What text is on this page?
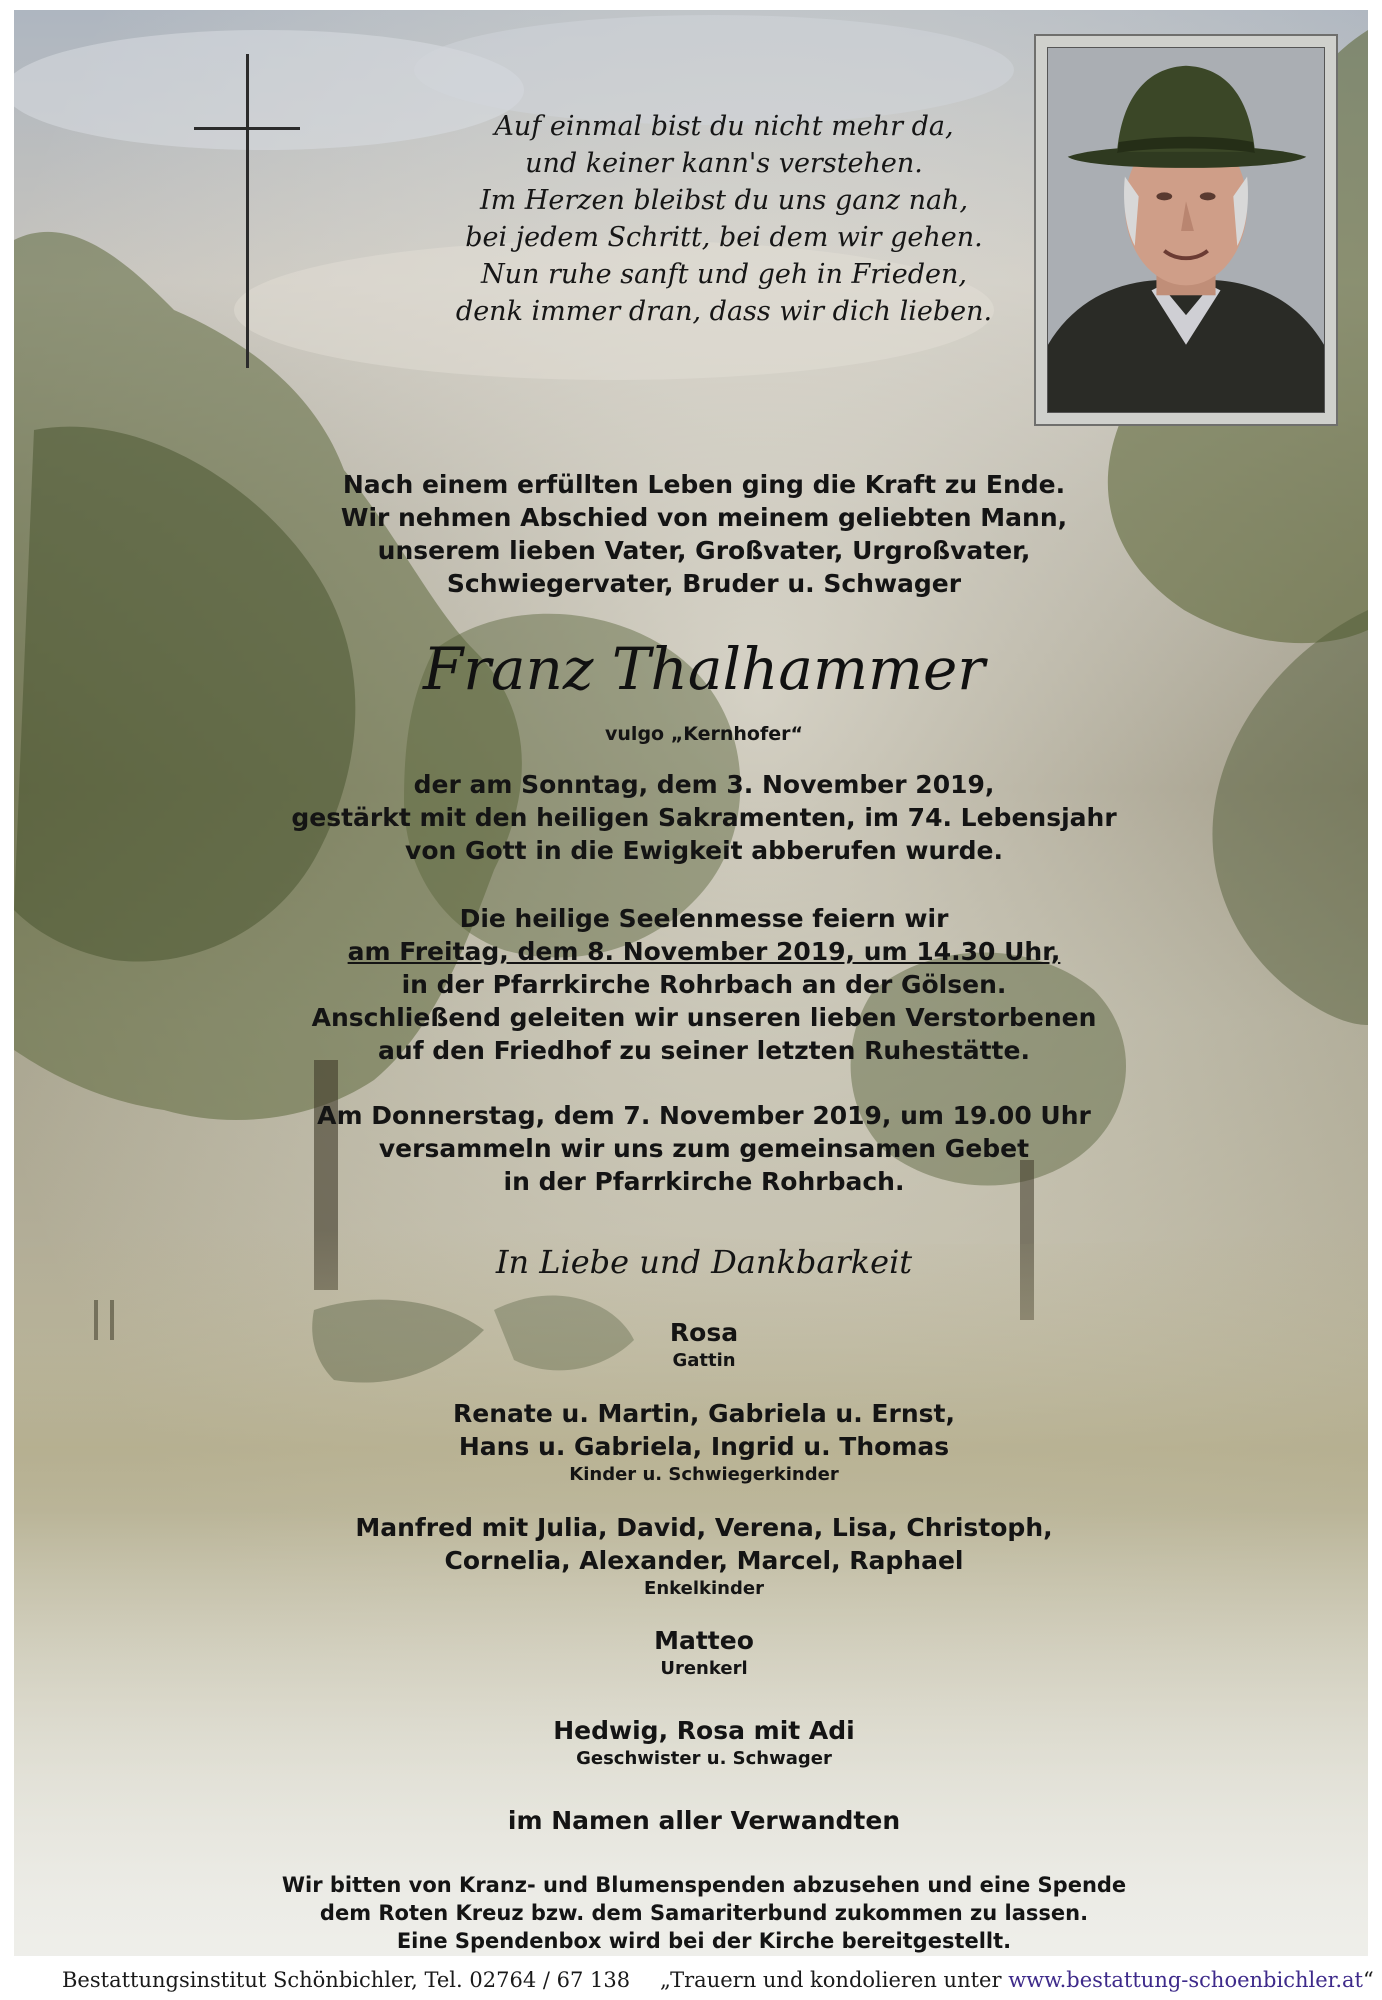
Auf einmal bist du nicht mehr da,
und keiner kann's verstehen.
Im Herzen bleibst du uns ganz nah,
bei jedem Schritt, bei dem wir gehen.
Nun ruhe sanft und geh in Frieden,
denk immer dran, dass wir dich lieben.
Nach einem erfüllten Leben ging die Kraft zu Ende.
Wir nehmen Abschied von meinem geliebten Mann,
unserem lieben Vater, Großvater, Urgroßvater,
Schwiegervater, Bruder u. Schwager
Franz Thalhammer
vulgo „Kernhofer“
der am Sonntag, dem 3. November 2019,
gestärkt mit den heiligen Sakramenten, im 74. Lebensjahr
von Gott in die Ewigkeit abberufen wurde.
Die heilige Seelenmesse feiern wir
am Freitag, dem 8. November 2019, um 14.30 Uhr,
in der Pfarrkirche Rohrbach an der Gölsen.
Anschließend geleiten wir unseren lieben Verstorbenen
auf den Friedhof zu seiner letzten Ruhestätte.
Am Donnerstag, dem 7. November 2019, um 19.00 Uhr
versammeln wir uns zum gemeinsamen Gebet
in der Pfarrkirche Rohrbach.
In Liebe und Dankbarkeit
Rosa
Gattin
Renate u. Martin, Gabriela u. Ernst,
Hans u. Gabriela, Ingrid u. Thomas
Kinder u. Schwiegerkinder
Manfred mit Julia, David, Verena, Lisa, Christoph,
Cornelia, Alexander, Marcel, Raphael
Enkelkinder
Matteo
Urenkerl
Hedwig, Rosa mit Adi
Geschwister u. Schwager
im Namen aller Verwandten
Wir bitten von Kranz- und Blumenspenden abzusehen und eine Spende
dem Roten Kreuz bzw. dem Samariterbund zukommen zu lassen.
Eine Spendenbox wird bei der Kirche bereitgestellt.
Bestattungsinstitut Schönbichler, Tel. 02764 / 67 138 „Trauern und kondolieren unter www.bestattung-schoenbichler.at“
